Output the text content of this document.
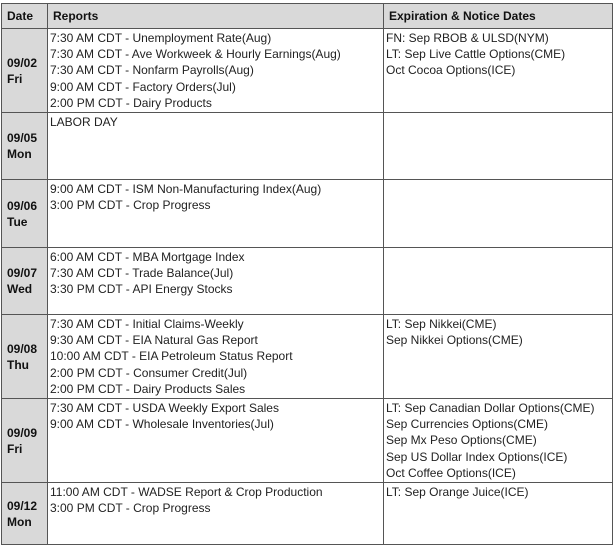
Date	Reports	Expiration & Notice Dates

09/02
Fri	7:30 AM CDT - Unemployment Rate(Aug)
7:30 AM CDT - Ave Workweek & Hourly Earnings(Aug)
7:30 AM CDT - Nonfarm Payrolls(Aug)
9:00 AM CDT - Factory Orders(Jul)
2:00 PM CDT - Dairy Products	FN: Sep RBOB & ULSD(NYM)
LT: Sep Live Cattle Options(CME)
Oct Cocoa Options(ICE)

09/05
Mon	LABOR DAY	

09/06
Tue	9:00 AM CDT - ISM Non-Manufacturing Index(Aug)
3:00 PM CDT - Crop Progress	

09/07
Wed	6:00 AM CDT - MBA Mortgage Index
7:30 AM CDT - Trade Balance(Jul)
3:30 PM CDT - API Energy Stocks	

09/08
Thu	7:30 AM CDT - Initial Claims-Weekly
9:30 AM CDT - EIA Natural Gas Report
10:00 AM CDT - EIA Petroleum Status Report
2:00 PM CDT - Consumer Credit(Jul)
2:00 PM CDT - Dairy Products Sales	LT: Sep Nikkei(CME)
Sep Nikkei Options(CME)

09/09
Fri	7:30 AM CDT - USDA Weekly Export Sales
9:00 AM CDT - Wholesale Inventories(Jul)	LT: Sep Canadian Dollar Options(CME)
Sep Currencies Options(CME)
Sep Mx Peso Options(CME)
Sep US Dollar Index Options(ICE)
Oct Coffee Options(ICE)

09/12
Mon	11:00 AM CDT - WADSE Report & Crop Production
3:00 PM CDT - Crop Progress	LT: Sep Orange Juice(ICE)
